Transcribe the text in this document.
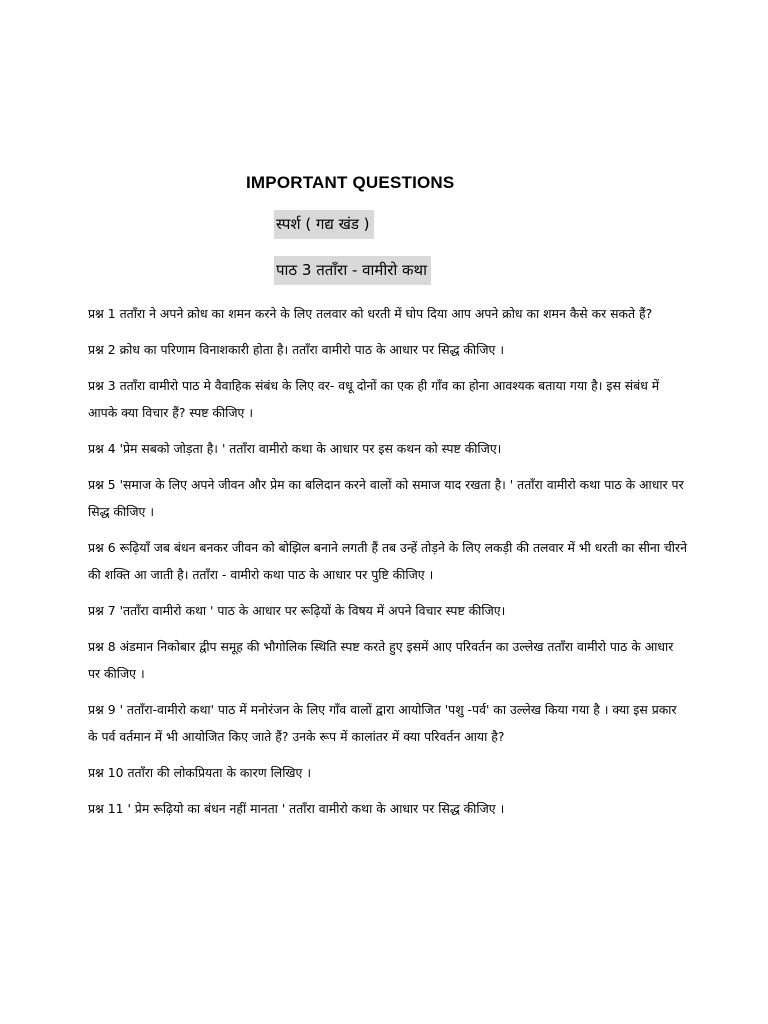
IMPORTANT QUESTIONS
स्पर्श ( गद्य खंड )
पाठ 3 तताँरा - वामीरो कथा

प्रश्न 1 तताँरा ने अपने क्रोध का शमन करने के लिए तलवार को धरती में घोप दिया आप अपने क्रोध का शमन कैसे कर सकते हैं?

प्रश्न 2 क्रोध का परिणाम विनाशकारी होता है। तताँरा वामीरो पाठ के आधार पर सिद्ध कीजिए ।

प्रश्न 3 तताँरा वामीरो पाठ मे वैवाहिक संबंध के लिए वर- वधू दोनों का एक ही गाँव का होना आवश्यक बताया गया है। इस संबंध में आपके क्या विचार हैं? स्पष्ट कीजिए ।

प्रश्न 4 'प्रेम सबको जोड़ता है। ' तताँरा वामीरो कथा के आधार पर इस कथन को स्पष्ट कीजिए।

प्रश्न 5 'समाज के लिए अपने जीवन और प्रेम का बलिदान करने वालों को समाज याद रखता है। ' तताँरा वामीरो कथा पाठ के आधार पर सिद्ध कीजिए ।

प्रश्न 6 रूढ़ियाँ जब बंधन बनकर जीवन को बोझिल बनाने लगती हैं तब उन्हें तोड़ने के लिए लकड़ी की तलवार में भी धरती का सीना चीरने की शक्ति आ जाती है। तताँरा - वामीरो कथा पाठ के आधार पर पुष्टि कीजिए ।

प्रश्न 7 'तताँरा वामीरो कथा ' पाठ के आधार पर रूढ़ियों के विषय में अपने विचार स्पष्ट कीजिए।

प्रश्न 8 अंडमान निकोबार द्वीप समूह की भौगोलिक स्थिति स्पष्ट करते हुए इसमें आए परिवर्तन का उल्लेख तताँरा वामीरो पाठ के आधार पर कीजिए ।

प्रश्न 9 ' तताँरा-वामीरो कथा' पाठ में मनोरंजन के लिए गाँव वालों द्वारा आयोजित 'पशु -पर्व' का उल्लेख किया गया है । क्या इस प्रकार के पर्व वर्तमान में भी आयोजित किए जाते हैं? उनके रूप में कालांतर में क्या परिवर्तन आया है?

प्रश्न 10 तताँरा की लोकप्रियता के कारण लिखिए ।

प्रश्न 11 ' प्रेम रूढ़ियो का बंधन नहीं मानता ' तताँरा वामीरो कथा के आधार पर सिद्ध कीजिए ।
